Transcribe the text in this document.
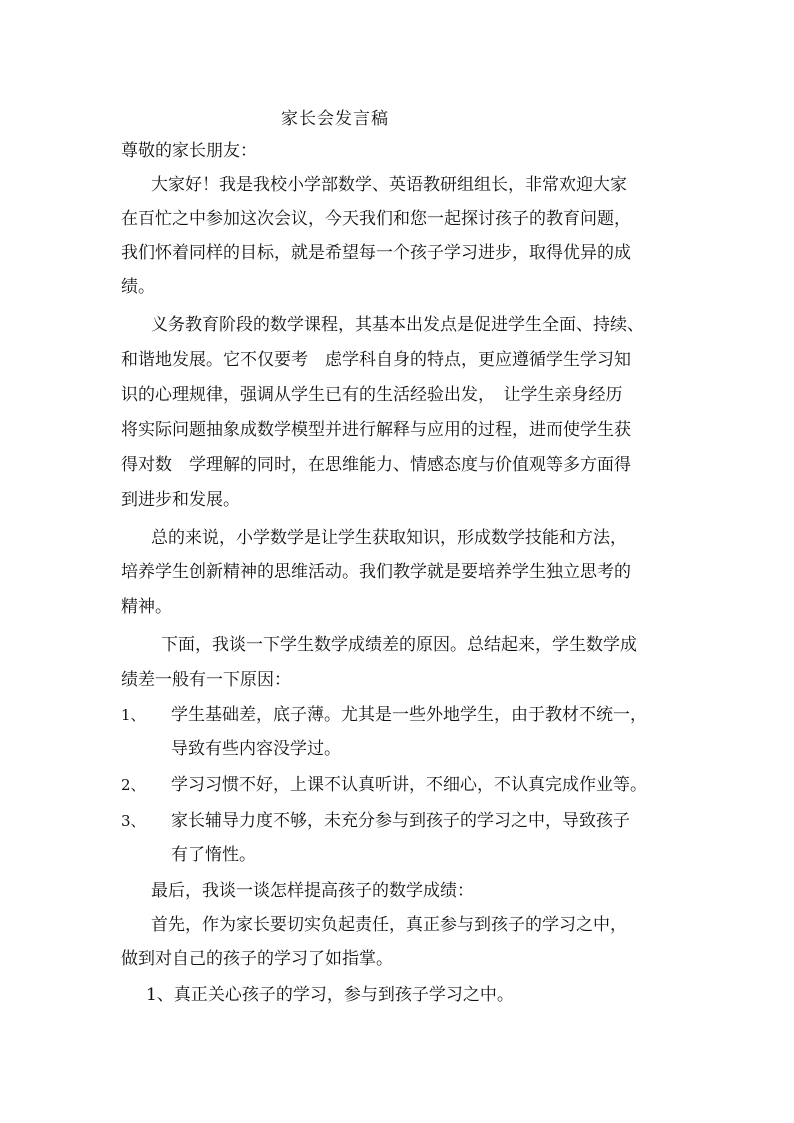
家长会发言稿
尊敬的家长朋友：
大家好！我是我校小学部数学、英语教研组组长，非常欢迎大家
在百忙之中参加这次会议，今天我们和您一起探讨孩子的教育问题，
我们怀着同样的目标，就是希望每一个孩子学习进步，取得优异的成
绩。
义务教育阶段的数学课程，其基本出发点是促进学生全面、持续、
和谐地发展。它不仅要考　虑学科自身的特点，更应遵循学生学习知
识的心理规律，强调从学生已有的生活经验出发，　让学生亲身经历
将实际问题抽象成数学模型并进行解释与应用的过程，进而使学生获
得对数　学理解的同时，在思维能力、情感态度与价值观等多方面得
到进步和发展。
总的来说，小学数学是让学生获取知识，形成数学技能和方法，
培养学生创新精神的思维活动。我们教学就是要培养学生独立思考的
精神。
下面，我谈一下学生数学成绩差的原因。总结起来，学生数学成
绩差一般有一下原因：
1、 学生基础差，底子薄。尤其是一些外地学生，由于教材不统一，
导致有些内容没学过。
2、 学习习惯不好，上课不认真听讲，不细心，不认真完成作业等。
3、 家长辅导力度不够，未充分参与到孩子的学习之中，导致孩子
有了惰性。
最后，我谈一谈怎样提高孩子的数学成绩：
首先，作为家长要切实负起责任，真正参与到孩子的学习之中，
做到对自己的孩子的学习了如指掌。
1、真正关心孩子的学习，参与到孩子学习之中。
